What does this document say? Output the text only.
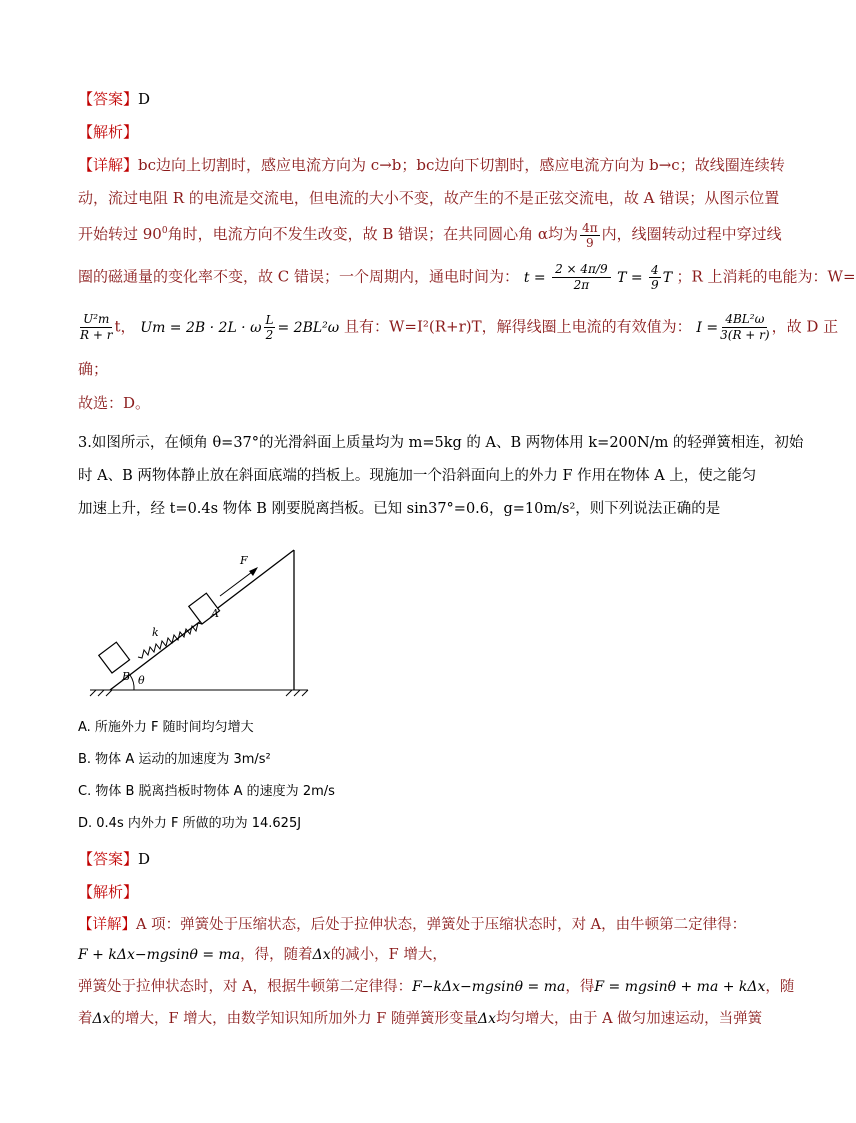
【答案】D
【解析】
【详解】bc边向上切割时，感应电流方向为 c→b；bc边向下切割时，感应电流方向为 b→c；故线圈连续转
动，流过电阻 R 的电流是交流电，但电流的大小不变，故产生的不是正弦交流电，故 A 错误；从图示位置
开始转过 $90^0$角时，电流方向不发生改变，故 B 错误；在共同圆心角 α均为 $\frac{4\pi}{9}$ 内，线圈转动过程中穿过线
圈的磁通量的变化率不变，故 C 错误；一个周期内，通电时间为： $t = \frac{2 \times 4\pi/9}{2\pi}$ $T = \frac{4}{9}$ T ；R 上消耗的电能为：W=
$\frac{\text{U²m}}{R + r}$ t， Um = 2B · 2L · ω $\frac{L}{2} = 2BL^2\omega$ 且有：W=I²(R+r)T，解得线圈上电流的有效值为： $I = \frac{\text{4BL²ω}}{3(R + r)}$ ，故 D 正
确；
故选：D。
3.如图所示，在倾角 θ=37°的光滑斜面上质量均为 m=5kg 的 A、B 两物体用 k=200N/m 的轻弹簧相连，初始
时 A、B 两物体静止放在斜面底端的挡板上。现施加一个沿斜面向上的外力 F 作用在物体 A 上，使之能匀
加速上升，经 t=0.4s 物体 B 刚要脱离挡板。已知 sin37°=0.6，g=10m/s²，则下列说法正确的是
B
k
A
F
θ
A. 所施外力 F 随时间均匀增大
B. 物体 A 运动的加速度为 3m/s²
C. 物体 B 脱离挡板时物体 A 的速度为 2m/s
D. 0.4s 内外力 F 所做的功为 14.625J
【答案】D
【解析】
【详解】A 项：弹簧处于压缩状态，后处于拉伸状态，弹簧处于压缩状态时，对 A，由牛顿第二定律得：
F + kΔx−mgsinθ = ma，得，随着Δx的减小，F 增大，
弹簧处于拉伸状态时，对 A，根据牛顿第二定律得：F−kΔx−mgsinθ = ma，得F = mgsinθ + ma + kΔx，随
着Δx的增大，F 增大，由数学知识知所加外力 F 随弹簧形变量Δx均匀增大，由于 A 做匀加速运动，当弹簧
